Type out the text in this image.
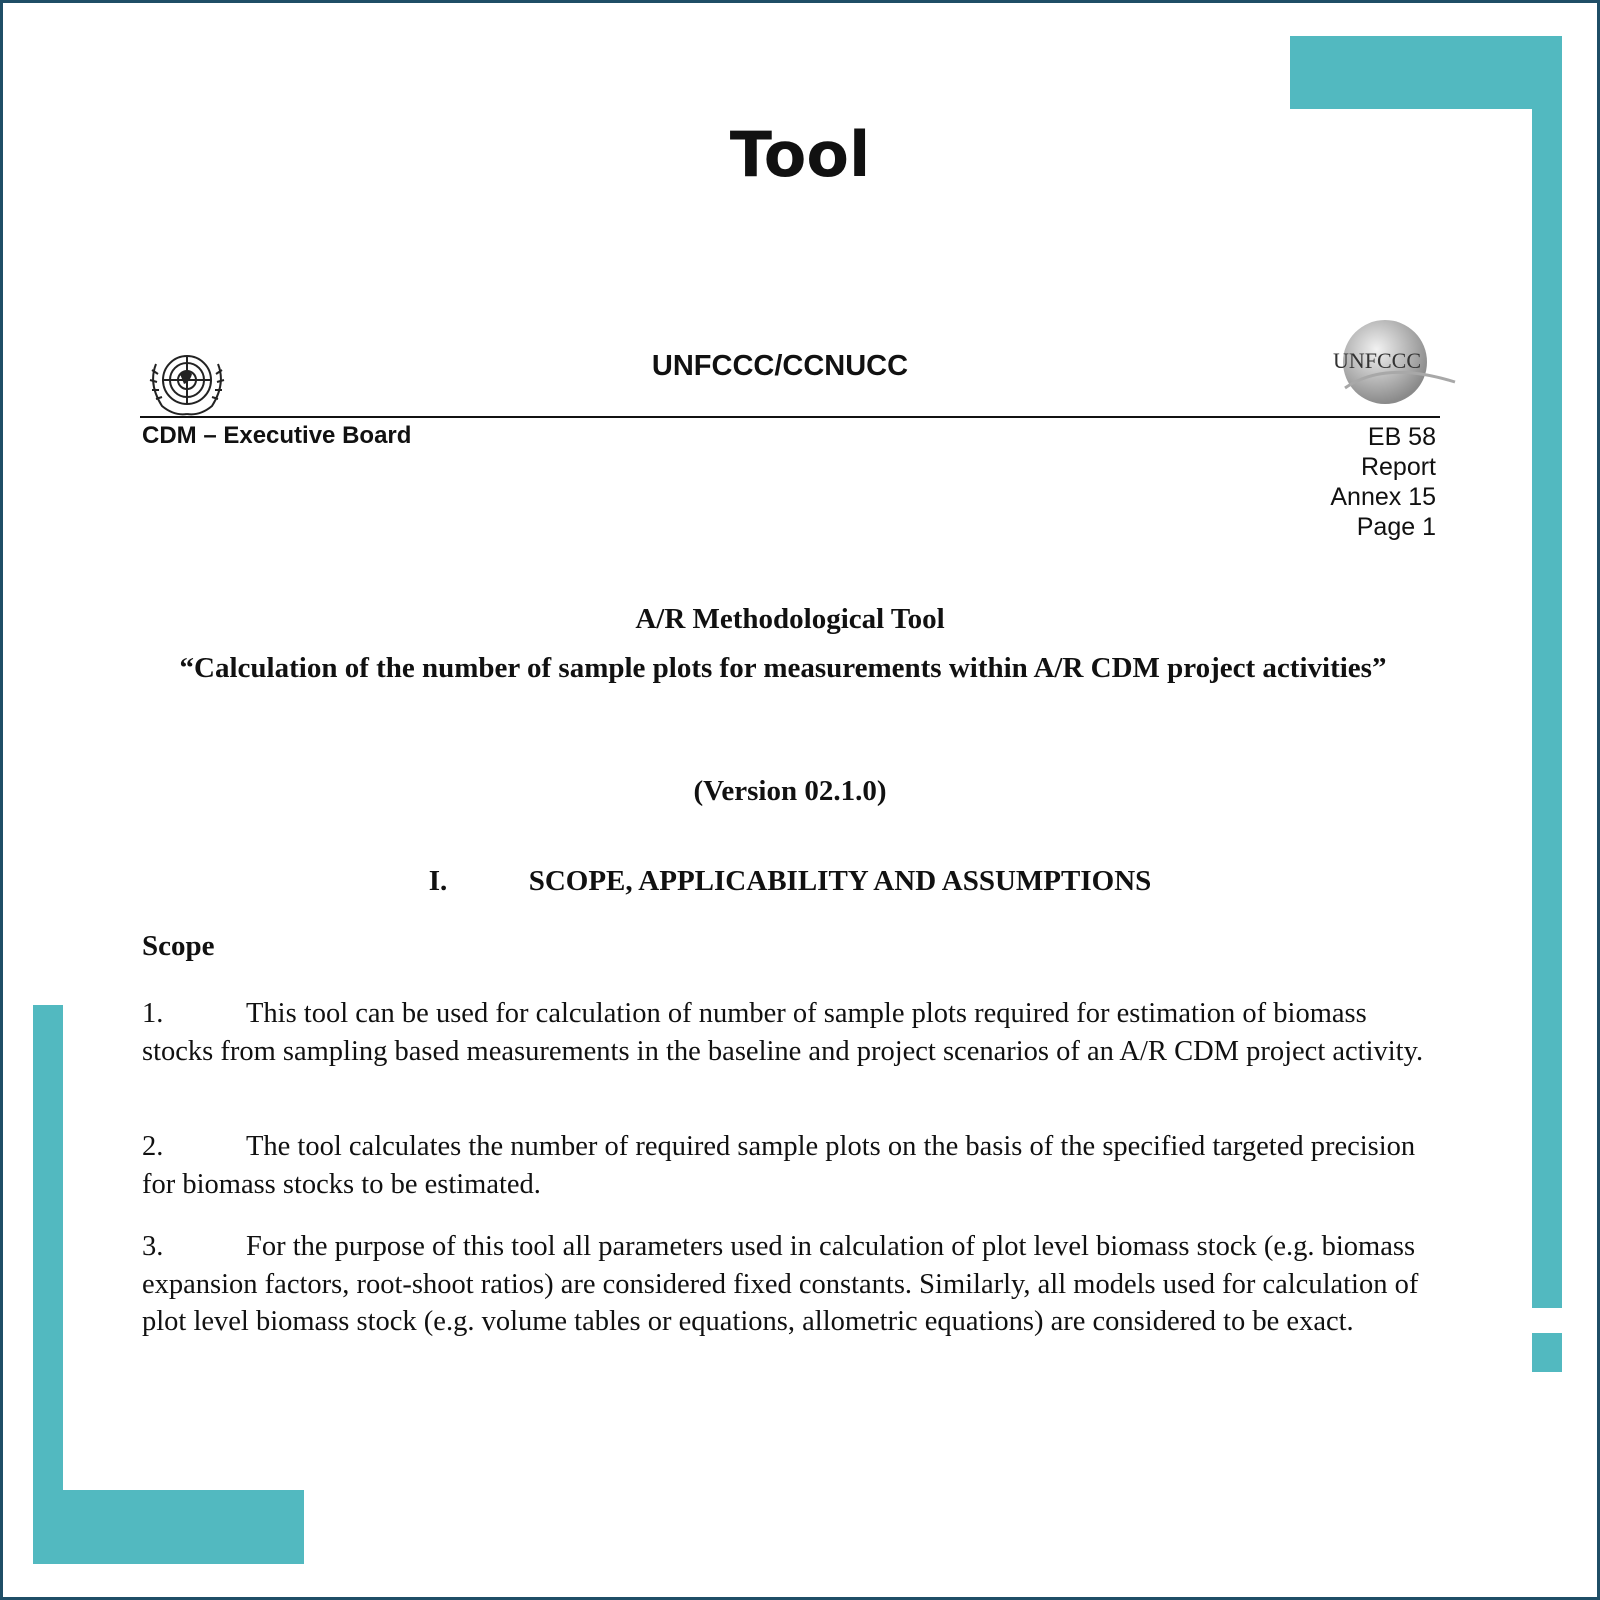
Tool
UNFCCC/CCNUCC	UNFCCC
CDM – Executive Board	EB 58
Report
Annex 15
Page 1

A/R Methodological Tool

“Calculation of the number of sample plots for measurements within A/R CDM project activities”

(Version 02.1.0)

I.	SCOPE, APPLICABILITY AND ASSUMPTIONS

Scope

1.	This tool can be used for calculation of number of sample plots required for estimation of biomass stocks from sampling based measurements in the baseline and project scenarios of an A/R CDM project activity.

2.	The tool calculates the number of required sample plots on the basis of the specified targeted precision for biomass stocks to be estimated.

3.	For the purpose of this tool all parameters used in calculation of plot level biomass stock (e.g. biomass expansion factors, root-shoot ratios) are considered fixed constants. Similarly, all models used for calculation of plot level biomass stock (e.g. volume tables or equations, allometric equations) are considered to be exact.
